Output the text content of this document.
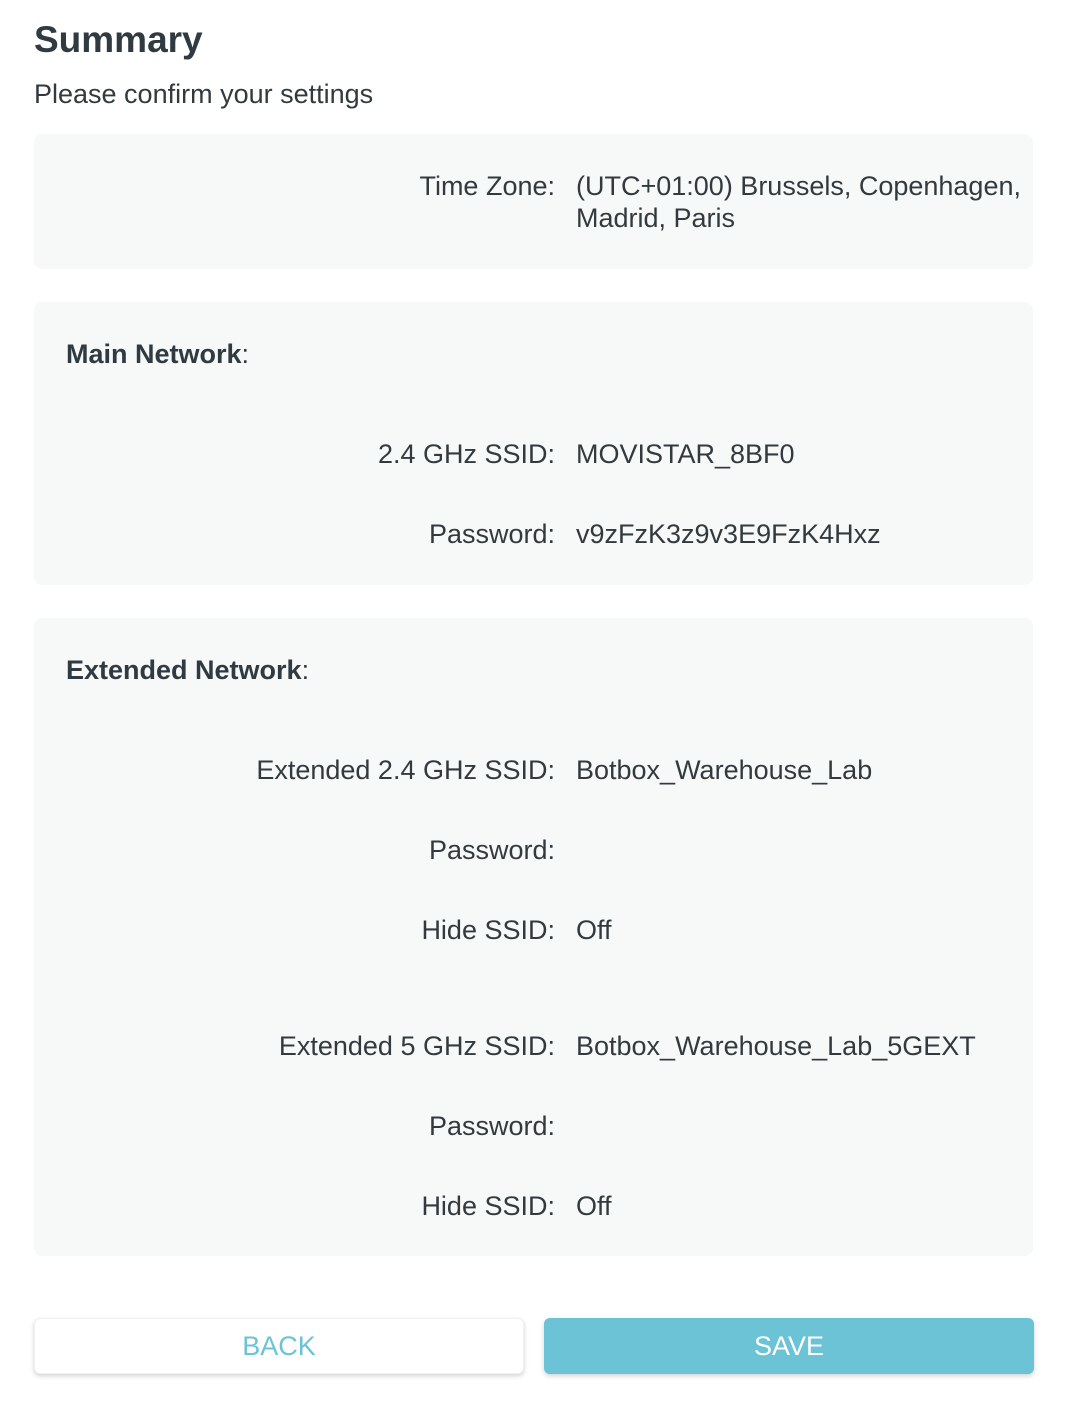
Summary
Please confirm your settings
Time Zone: (UTC+01:00) Brussels, Copenhagen, Madrid, Paris
Main Network:
2.4 GHz SSID: MOVISTAR_8BF0
Password: v9zFzK3z9v3E9FzK4Hxz
Extended Network:
Extended 2.4 GHz SSID: Botbox_Warehouse_Lab
Password:
Hide SSID: Off
Extended 5 GHz SSID: Botbox_Warehouse_Lab_5GEXT
Password:
Hide SSID: Off
BACK	SAVE
